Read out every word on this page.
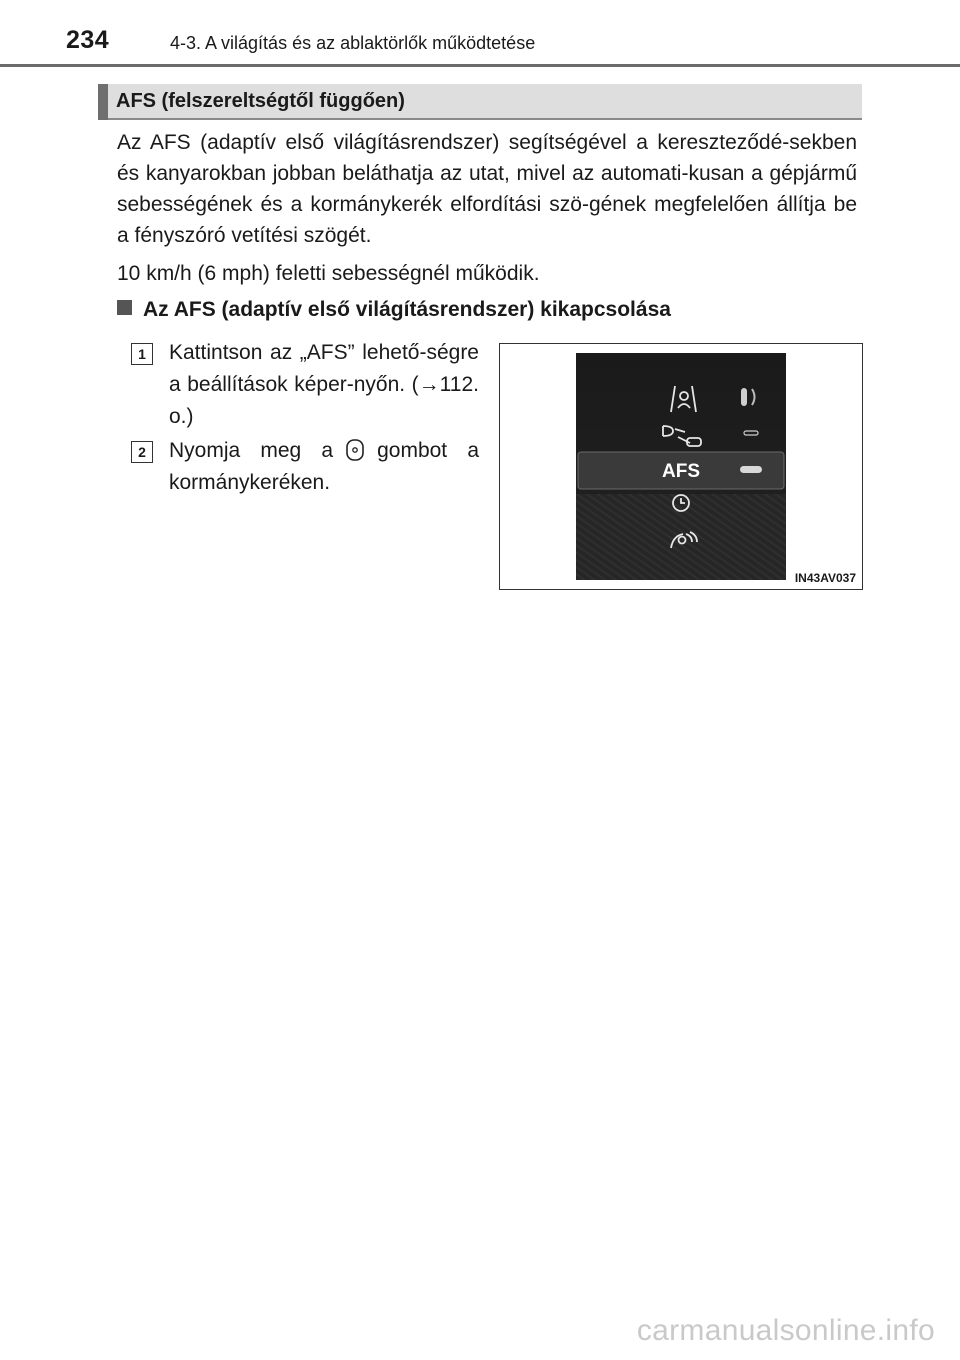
234	4-3. A világítás és az ablaktörlők működtetése
AFS (felszereltségtől függően)

Az AFS (adaptív első világításrendszer) segítségével a kereszteződé-sekben és kanyarokban jobban beláthatja az utat, mivel az automati-kusan a gépjármű sebességének és a kormánykerék elfordítási szö-gének megfelelően állítja be a fényszóró vetítési szögét.

10 km/h (6 mph) feletti sebességnél működik.

Az AFS (adaptív első világításrendszer) kikapcsolása
1	Kattintson az „AFS” lehető-ségre a beállítások képer-nyőn. (→112. o.)
2	Nyomja meg a gombot a kormánykeréken.	AFS
IN43AV037
carmanualsonline.info
